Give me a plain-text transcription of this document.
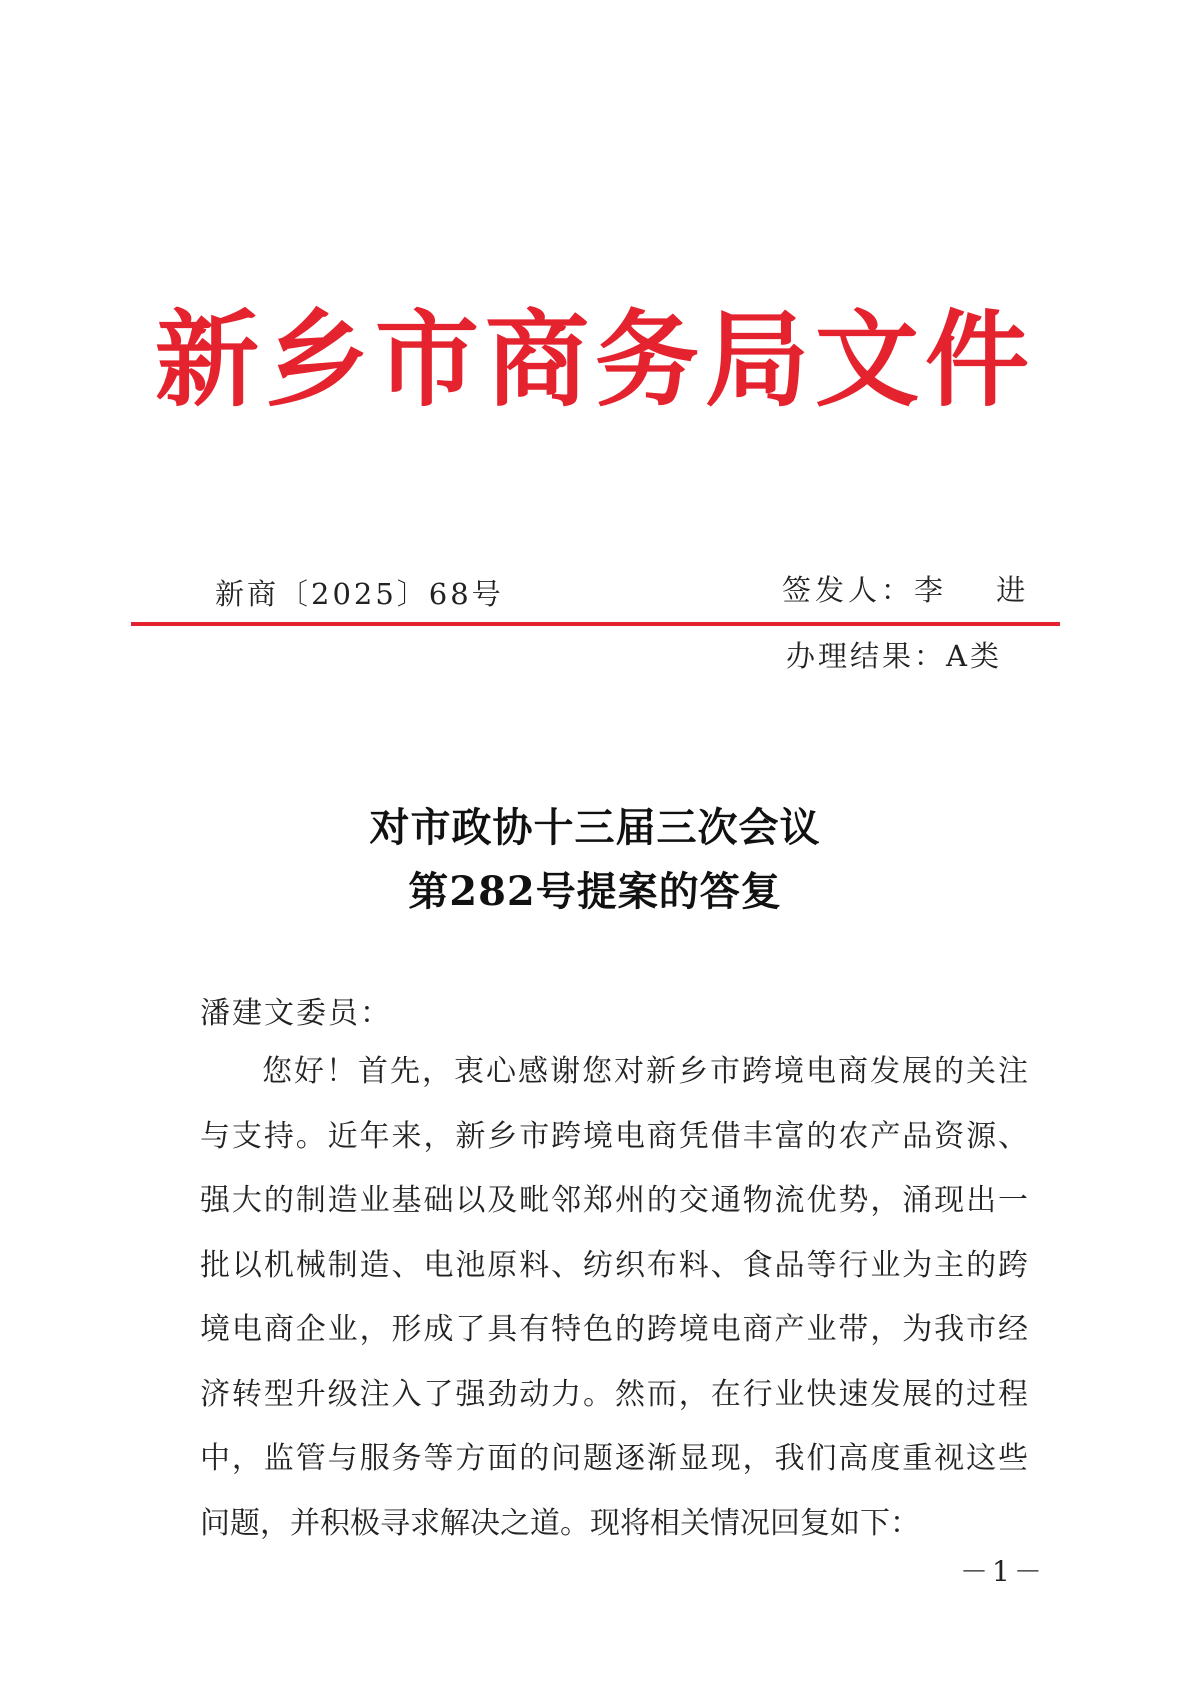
新乡市商务局文件
新商〔2025〕68号	签发人：李 进
办理结果：A类
对市政协十三届三次会议
第282号提案的答复
潘建文委员：
您好！首先，衷心感谢您对新乡市跨境电商发展的关注
与支持。近年来，新乡市跨境电商凭借丰富的农产品资源、
强大的制造业基础以及毗邻郑州的交通物流优势，涌现出一
批以机械制造、电池原料、纺织布料、食品等行业为主的跨
境电商企业，形成了具有特色的跨境电商产业带，为我市经
济转型升级注入了强劲动力。然而，在行业快速发展的过程
中，监管与服务等方面的问题逐渐显现，我们高度重视这些
问题，并积极寻求解决之道。现将相关情况回复如下：
－1－
